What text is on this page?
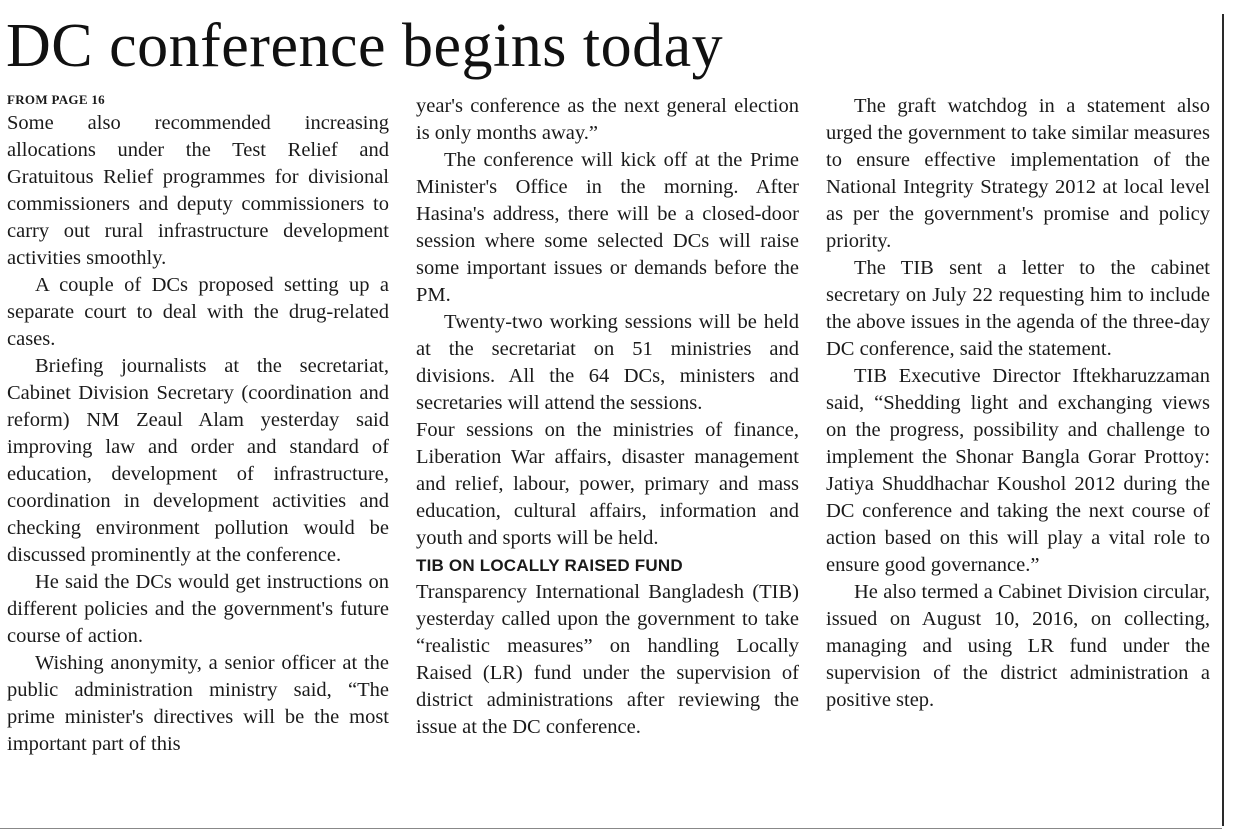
DC conference begins today

FROM PAGE 16

Some also recommended increasing allocations under the Test Relief and Gratuitous Relief programmes for divisional commissioners and deputy commissioners to carry out rural infrastructure development activities smoothly.

A couple of DCs proposed setting up a separate court to deal with the drug-related cases.

Briefing journalists at the secretariat, Cabinet Division Secretary (coordination and reform) NM Zeaul Alam yesterday said improving law and order and standard of education, development of infrastructure, coordination in development activities and checking environment pollution would be discussed prominently at the conference.

He said the DCs would get instructions on different policies and the government's future course of action.

Wishing anonymity, a senior officer at the public administration ministry said, “The prime minister's directives will be the most important part of this

year's conference as the next general election is only months away.”

The conference will kick off at the Prime Minister's Office in the morning. After Hasina's address, there will be a closed-door session where some selected DCs will raise some important issues or demands before the PM.

Twenty-two working sessions will be held at the secretariat on 51 ministries and divisions. All the 64 DCs, ministers and secretaries will attend the sessions.

Four sessions on the ministries of finance, Liberation War affairs, disaster management and relief, labour, power, primary and mass education, cultural affairs, information and youth and sports will be held.

TIB ON LOCALLY RAISED FUND

Transparency International Bangladesh (TIB) yesterday called upon the government to take “realistic measures” on handling Locally Raised (LR) fund under the supervision of district administrations after reviewing the issue at the DC conference.

The graft watchdog in a statement also urged the government to take similar measures to ensure effective implementation of the National Integrity Strategy 2012 at local level as per the government's promise and policy priority.

The TIB sent a letter to the cabinet secretary on July 22 requesting him to include the above issues in the agenda of the three-day DC conference, said the statement.

TIB Executive Director Iftekharuzzaman said, “Shedding light and exchanging views on the progress, possibility and challenge to implement the Shonar Bangla Gorar Prottoy: Jatiya Shuddhachar Koushol 2012 during the DC conference and taking the next course of action based on this will play a vital role to ensure good governance.”

He also termed a Cabinet Division circular, issued on August 10, 2016, on collecting, managing and using LR fund under the supervision of the district administration a positive step.
